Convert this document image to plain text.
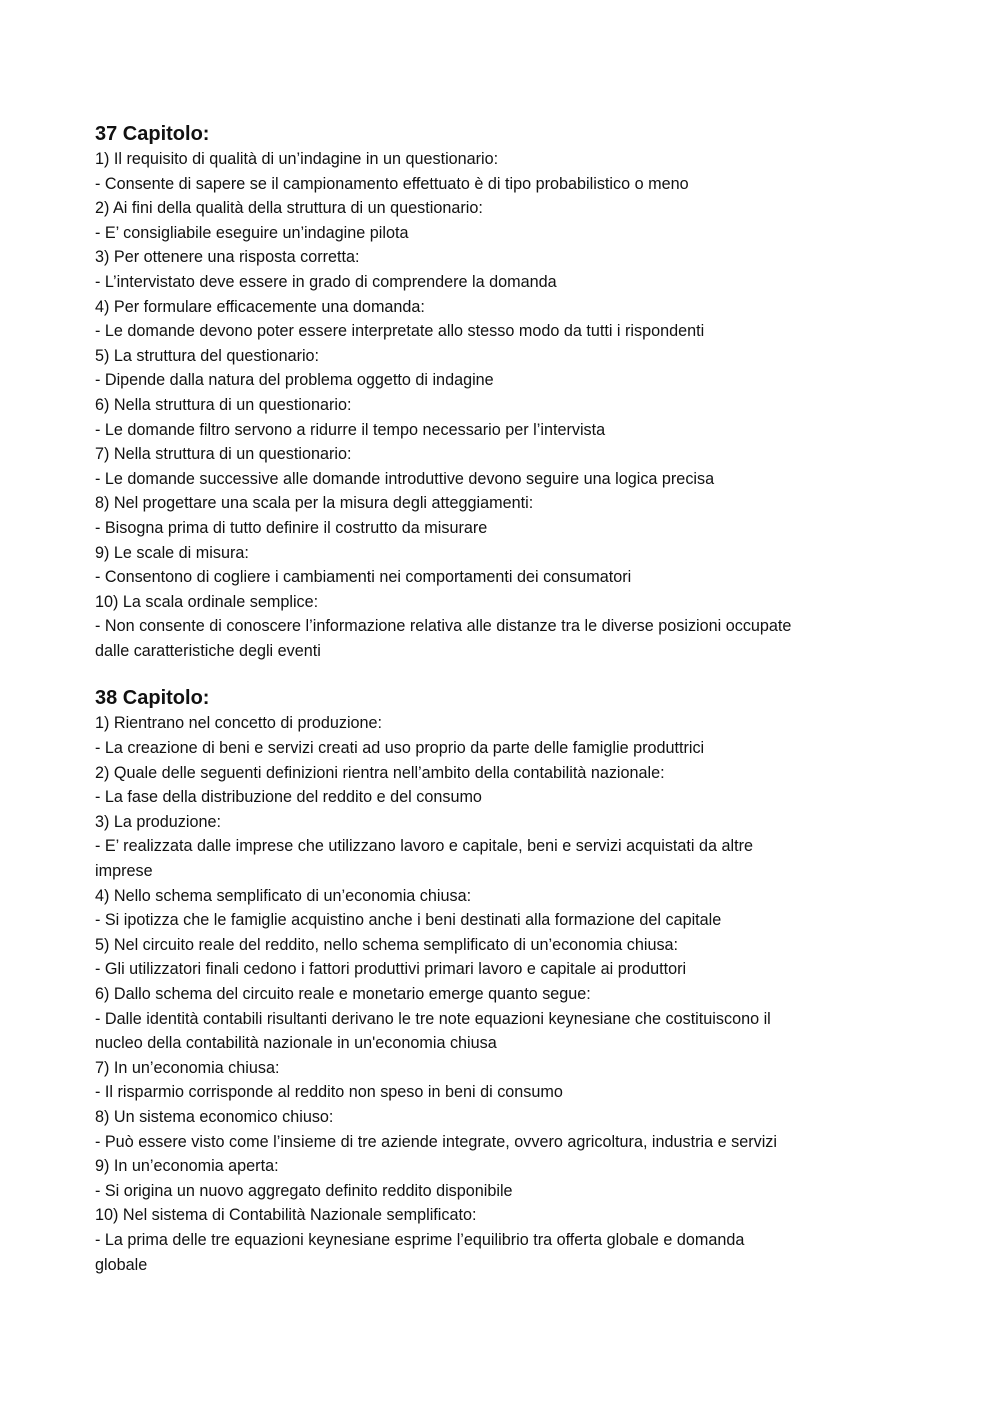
37 Capitolo:

1) Il requisito di qualità di un’indagine in un questionario:

- Consente di sapere se il campionamento effettuato è di tipo probabilistico o meno

2) Ai fini della qualità della struttura di un questionario:

- E’ consigliabile eseguire un’indagine pilota

3) Per ottenere una risposta corretta:

- L’intervistato deve essere in grado di comprendere la domanda

4) Per formulare efficacemente una domanda:

- Le domande devono poter essere interpretate allo stesso modo da tutti i rispondenti

5) La struttura del questionario:

- Dipende dalla natura del problema oggetto di indagine

6) Nella struttura di un questionario:

- Le domande filtro servono a ridurre il tempo necessario per l’intervista

7) Nella struttura di un questionario:

- Le domande successive alle domande introduttive devono seguire una logica precisa

8) Nel progettare una scala per la misura degli atteggiamenti:

- Bisogna prima di tutto definire il costrutto da misurare

9) Le scale di misura:

- Consentono di cogliere i cambiamenti nei comportamenti dei consumatori

10) La scala ordinale semplice:

- Non consente di conoscere l’informazione relativa alle distanze tra le diverse posizioni occupate

dalle caratteristiche degli eventi

38 Capitolo:

1) Rientrano nel concetto di produzione:

- La creazione di beni e servizi creati ad uso proprio da parte delle famiglie produttrici

2) Quale delle seguenti definizioni rientra nell’ambito della contabilità nazionale:

- La fase della distribuzione del reddito e del consumo

3) La produzione:

- E’ realizzata dalle imprese che utilizzano lavoro e capitale, beni e servizi acquistati da altre

imprese

4) Nello schema semplificato di un’economia chiusa:

- Si ipotizza che le famiglie acquistino anche i beni destinati alla formazione del capitale

5) Nel circuito reale del reddito, nello schema semplificato di un’economia chiusa:

- Gli utilizzatori finali cedono i fattori produttivi primari lavoro e capitale ai produttori

6) Dallo schema del circuito reale e monetario emerge quanto segue:

- Dalle identità contabili risultanti derivano le tre note equazioni keynesiane che costituiscono il

nucleo della contabilità nazionale in un'economia chiusa

7) In un’economia chiusa:

- Il risparmio corrisponde al reddito non speso in beni di consumo

8) Un sistema economico chiuso:

- Può essere visto come l’insieme di tre aziende integrate, ovvero agricoltura, industria e servizi

9) In un’economia aperta:

- Si origina un nuovo aggregato definito reddito disponibile

10) Nel sistema di Contabilità Nazionale semplificato:

- La prima delle tre equazioni keynesiane esprime l’equilibrio tra offerta globale e domanda

globale
